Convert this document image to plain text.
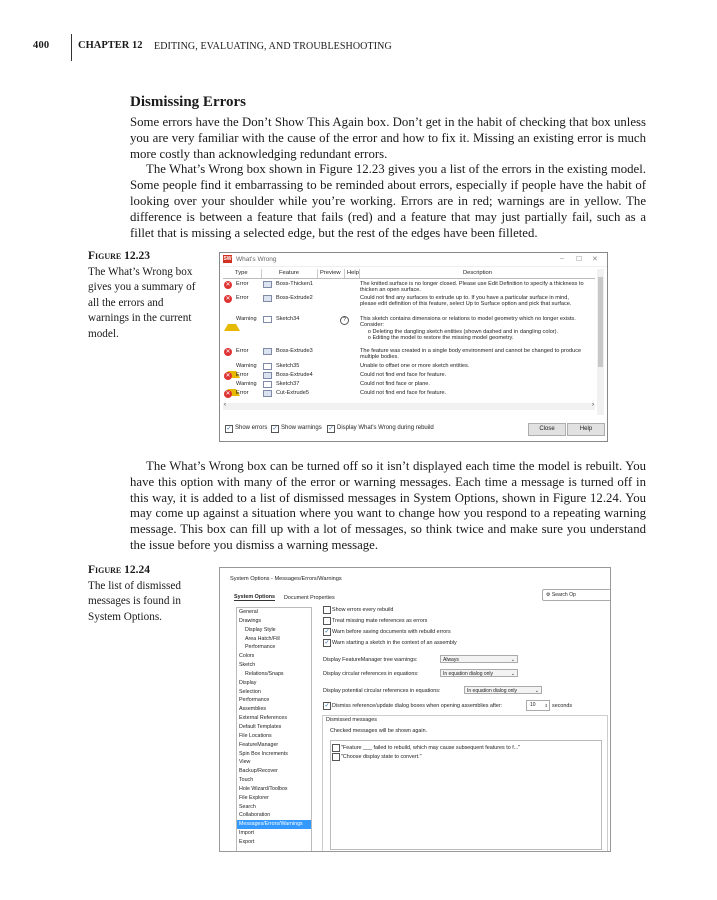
400	CHAPTER 12 EDITING, EVALUATING, AND TROUBLESHOOTING
Dismissing Errors

Some errors have the Don’t Show This Again box. Don’t get in the habit of checking that box unless you are very familiar with the cause of the error and how to fix it. Missing an existing error is much more costly than acknowledging redundant errors.

The What’s Wrong box shown in Figure 12.23 gives you a list of the errors in the existing model. Some people find it embarrassing to be reminded about errors, especially if people have the habit of looking over your shoulder while you’re working. Errors are in red; warnings are in yellow. The difference is between a feature that fails (red) and a feature that may just partially fail, such as a fillet that is missing a selected edge, but the rest of the edges have been filleted.

Figure 12.23
The What’s Wrong box gives you a summary of all the errors and warnings in the current model.
SW What's Wrong	– ☐ ✕
Type	Feature	Preview Help	Description
✕ Error	Boss-Thicken1	The knitted surface is no longer closed. Please use Edit Definition to specify a thickness to thicken an open surface.
✕ Error	Boss-Extrude2	Could not find any surfaces to extrude up to. If you have a particular surface in mind, please edit definition of this feature, select Up to Surface option and pick that surface.
Warning	Sketch34	?	This sketch contains dimensions or relations to model geometry which no longer exists. Consider:
o Deleting the dangling sketch entities (shown dashed and in dangling color).
o Editing the model to restore the missing model geometry.
✕ Error	Boss-Extrude3	The feature was created in a single body environment and cannot be changed to produce multiple bodies.
Warning	Sketch35	Unable to offset one or more sketch entities.
✕ Error	Boss-Extrude4	Could not find end face for feature.
Warning	Sketch37	Could not find face or plane.
✕ Error	Cut-Extrude5	Could not find end face for feature.
‹	›
✓ Show errors ✓ Show warnings ✓ Display What's Wrong during rebuild	Close	Help

The What’s Wrong box can be turned off so it isn’t displayed each time the model is rebuilt. You have this option with many of the error or warning messages. Each time a message is turned off in this way, it is added to a list of dismissed messages in System Options, shown in Figure 12.24. You may come up against a situation where you want to change how you respond to a repeating warning message. This box can fill up with a lot of messages, so think twice and make sure you understand the issue before you dismiss a warning message.

Figure 12.24
The list of dismissed messages is found in System Options.
System Options - Messages/Errors/Warnings
System Options Document Properties	⚙ Search Op
General
Drawings
Display Style
Area Hatch/Fill
Performance
Colors
Sketch
Relations/Snaps
Display
Selection
Performance
Assemblies
External References
Default Templates
File Locations
FeatureManager
Spin Box Increments
View
Backup/Recover
Touch
Hole Wizard/Toolbox
File Explorer
Search
Collaboration
Messages/Errors/Warnings
Import
Export
Show errors every rebuild
Treat missing mate references as errors
✓ Warn before saving documents with rebuild errors
✓ Warn starting a sketch in the context of an assembly
Display FeatureManager tree warnings:	Always	⌄
Display circular references in equations:	In equation dialog only	⌄
Display potential circular references in equations:	In equation dialog only	⌄
✓ Dismiss reference/update dialog boxes when opening assemblies after:	10 ⇕ seconds
Dismissed messages
Checked messages will be shown again.
"Feature ___ failed to rebuild, which may cause subsequent features to f..."
"Choose display state to convert."
